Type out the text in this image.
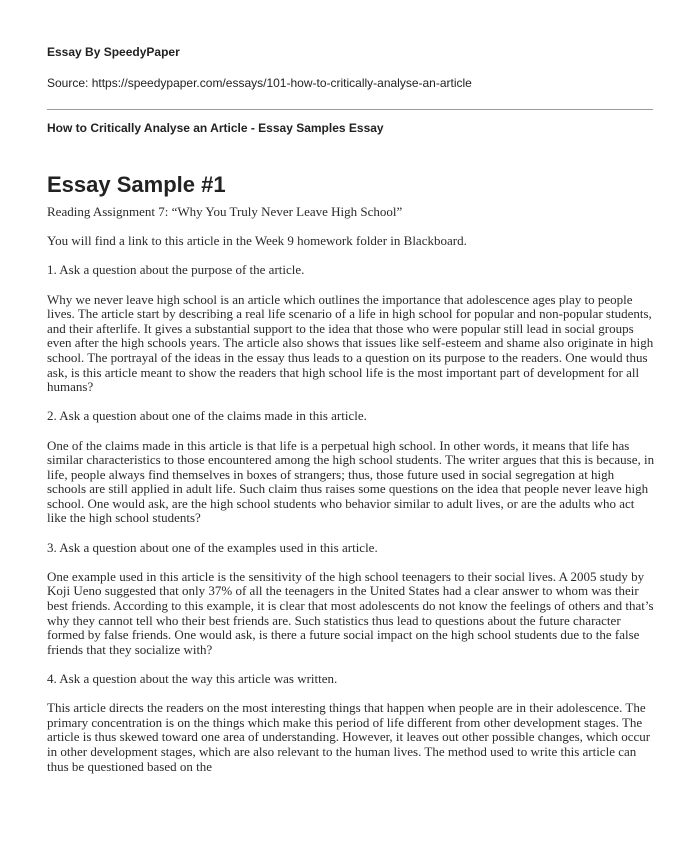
Essay By SpeedyPaper

Source: https://speedypaper.com/essays/101-how-to-critically-analyse-an-article

How to Critically Analyse an Article - Essay Samples Essay

Essay Sample #1

Reading Assignment 7: “Why You Truly Never Leave High School”

You will find a link to this article in the Week 9 homework folder in Blackboard.

1. Ask a question about the purpose of the article.

Why we never leave high school is an article which outlines the importance that adolescence ages play to people lives. The article start by describing a real life scenario of a life in high school for popular and non-popular students, and their afterlife. It gives a substantial support to the idea that those who were popular still lead in social groups even after the high schools years. The article also shows that issues like self-esteem and shame also originate in high school. The portrayal of the ideas in the essay thus leads to a question on its purpose to the readers. One would thus ask, is this article meant to show the readers that high school life is the most important part of development for all humans?

2. Ask a question about one of the claims made in this article.

One of the claims made in this article is that life is a perpetual high school. In other words, it means that life has similar characteristics to those encountered among the high school students. The writer argues that this is because, in life, people always find themselves in boxes of strangers; thus, those future used in social segregation at high schools are still applied in adult life. Such claim thus raises some questions on the idea that people never leave high school. One would ask, are the high school students who behavior similar to adult lives, or are the adults who act like the high school students?

3. Ask a question about one of the examples used in this article.

One example used in this article is the sensitivity of the high school teenagers to their social lives. A 2005 study by Koji Ueno suggested that only 37% of all the teenagers in the United States had a clear answer to whom was their best friends. According to this example, it is clear that most adolescents do not know the feelings of others and that’s why they cannot tell who their best friends are. Such statistics thus lead to questions about the future character formed by false friends. One would ask, is there a future social impact on the high school students due to the false friends that they socialize with?

4. Ask a question about the way this article was written.

This article directs the readers on the most interesting things that happen when people are in their adolescence. The primary concentration is on the things which make this period of life different from other development stages. The article is thus skewed toward one area of understanding. However, it leaves out other possible changes, which occur in other development stages, which are also relevant to the human lives. The method used to write this article can thus be questioned based on the
